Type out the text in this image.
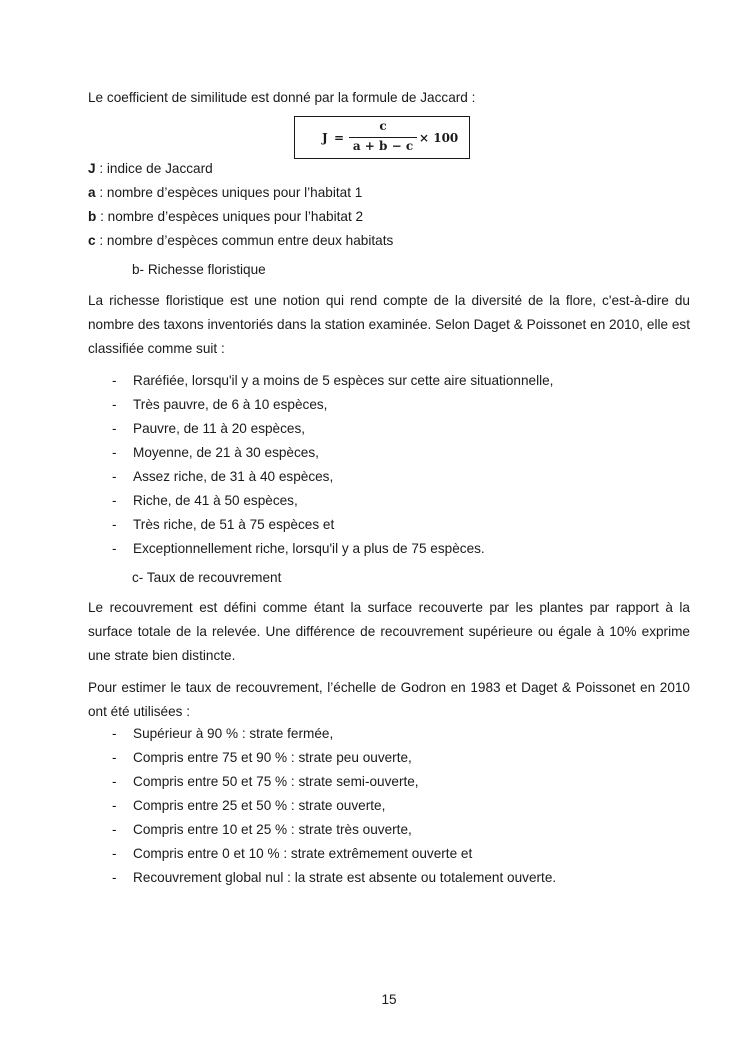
Le coefficient de similitude est donné par la formule de Jaccard :
J =
c
a + b − c
× 100
J : indice de Jaccard
a : nombre d’espèces uniques pour l’habitat 1
b : nombre d’espèces uniques pour l’habitat 2
c : nombre d’espèces commun entre deux habitats
b- Richesse floristique
La richesse floristique est une notion qui rend compte de la diversité de la flore, c'est-à-dire du nombre des taxons inventoriés dans la station examinée. Selon Daget & Poissonet en 2010, elle est classifiée comme suit :
- Raréfiée, lorsqu'il y a moins de 5 espèces sur cette aire situationnelle,
- Très pauvre, de 6 à 10 espèces,
- Pauvre, de 11 à 20 espèces,
- Moyenne, de 21 à 30 espèces,
- Assez riche, de 31 à 40 espèces,
- Riche, de 41 à 50 espèces,
- Très riche, de 51 à 75 espèces et
- Exceptionnellement riche, lorsqu'il y a plus de 75 espèces.
c- Taux de recouvrement
Le recouvrement est défini comme étant la surface recouverte par les plantes par rapport à la surface totale de la relevée. Une différence de recouvrement supérieure ou égale à 10% exprime une strate bien distincte.
Pour estimer le taux de recouvrement, l’échelle de Godron en 1983 et Daget & Poissonet en 2010 ont été utilisées :
- Supérieur à 90 % : strate fermée,
- Compris entre 75 et 90 % : strate peu ouverte,
- Compris entre 50 et 75 % : strate semi-ouverte,
- Compris entre 25 et 50 % : strate ouverte,
- Compris entre 10 et 25 % : strate très ouverte,
- Compris entre 0 et 10 % : strate extrêmement ouverte et
- Recouvrement global nul : la strate est absente ou totalement ouverte.
15
